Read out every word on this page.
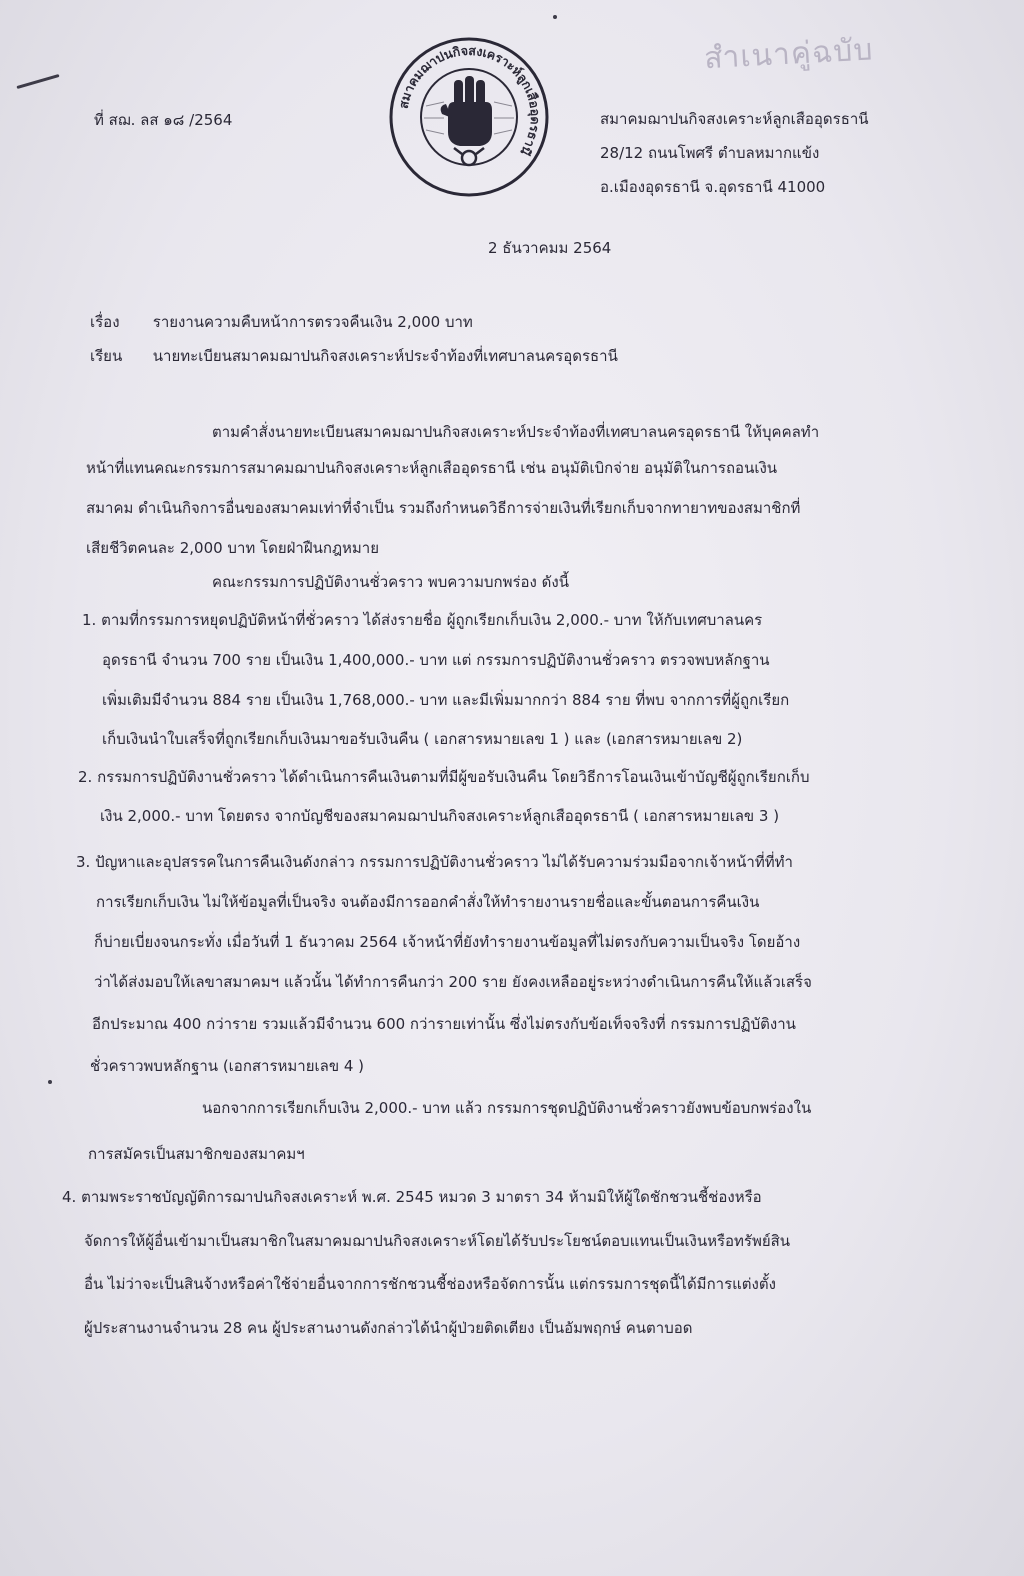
สำเนาคู่ฉบับ
ที่ สฌ. ลส ๑๘ /2564
สมาคมฌาปนกิจสงเคราะห์ลูกเสืออุดรธานี
สมาคมฌาปนกิจสงเคราะห์ลูกเสืออุดรธานี
28/12 ถนนโพศรี ตำบลหมากแข้ง
อ.เมืองอุดรธานี จ.อุดรธานี 41000
2 ธันวาคมม 2564
เรื่อง รายงานความคืบหน้าการตรวจคืนเงิน 2,000 บาท
เรียน นายทะเบียนสมาคมฌาปนกิจสงเคราะห์ประจำท้องที่เทศบาลนครอุดรธานี
ตามคำสั่งนายทะเบียนสมาคมฌาปนกิจสงเคราะห์ประจำท้องที่เทศบาลนครอุดรธานี ให้บุคคลทำ
หน้าที่แทนคณะกรรมการสมาคมฌาปนกิจสงเคราะห์ลูกเสืออุดรธานี เช่น อนุมัติเบิกจ่าย อนุมัติในการถอนเงิน
สมาคม ดำเนินกิจการอื่นของสมาคมเท่าที่จำเป็น รวมถึงกำหนดวิธีการจ่ายเงินที่เรียกเก็บจากทายาทของสมาชิกที่
เสียชีวิตคนละ 2,000 บาท โดยฝ่าฝืนกฎหมาย
คณะกรรมการปฏิบัติงานชั่วคราว พบความบกพร่อง ดังนี้
1. ตามที่กรรมการหยุดปฏิบัติหน้าที่ชั่วคราว ได้ส่งรายชื่อ ผู้ถูกเรียกเก็บเงิน 2,000.- บาท ให้กับเทศบาลนคร
อุดรธานี จำนวน 700 ราย เป็นเงิน 1,400,000.- บาท แต่ กรรมการปฏิบัติงานชั่วคราว ตรวจพบหลักฐาน
เพิ่มเติมมีจำนวน 884 ราย เป็นเงิน 1,768,000.- บาท และมีเพิ่มมากกว่า 884 ราย ที่พบ จากการที่ผู้ถูกเรียก
เก็บเงินนำใบเสร็จที่ถูกเรียกเก็บเงินมาขอรับเงินคืน ( เอกสารหมายเลข 1 ) และ (เอกสารหมายเลข 2)
2. กรรมการปฏิบัติงานชั่วคราว ได้ดำเนินการคืนเงินตามที่มีผู้ขอรับเงินคืน โดยวิธีการโอนเงินเข้าบัญชีผู้ถูกเรียกเก็บ
เงิน 2,000.- บาท โดยตรง จากบัญชีของสมาคมฌาปนกิจสงเคราะห์ลูกเสืออุดรธานี ( เอกสารหมายเลข 3 )
3. ปัญหาและอุปสรรคในการคืนเงินดังกล่าว กรรมการปฏิบัติงานชั่วคราว ไม่ได้รับความร่วมมือจากเจ้าหน้าที่ที่ทำ
การเรียกเก็บเงิน ไม่ให้ข้อมูลที่เป็นจริง จนต้องมีการออกคำสั่งให้ทำรายงานรายชื่อและขั้นตอนการคืนเงิน
ก็บ่ายเบี่ยงจนกระทั่ง เมื่อวันที่ 1 ธันวาคม 2564 เจ้าหน้าที่ยังทำรายงานข้อมูลที่ไม่ตรงกับความเป็นจริง โดยอ้าง
ว่าได้ส่งมอบให้เลขาสมาคมฯ แล้วนั้น ได้ทำการคืนกว่า 200 ราย ยังคงเหลืออยู่ระหว่างดำเนินการคืนให้แล้วเสร็จ
อีกประมาณ 400 กว่าราย รวมแล้วมีจำนวน 600 กว่ารายเท่านั้น ซึ่งไม่ตรงกับข้อเท็จจริงที่ กรรมการปฏิบัติงาน
ชั่วคราวพบหลักฐาน (เอกสารหมายเลข 4 )
นอกจากการเรียกเก็บเงิน 2,000.- บาท แล้ว กรรมการชุดปฏิบัติงานชั่วคราวยังพบข้อบกพร่องใน
การสมัครเป็นสมาชิกของสมาคมฯ
4. ตามพระราชบัญญัติการฌาปนกิจสงเคราะห์ พ.ศ. 2545 หมวด 3 มาตรา 34 ห้ามมิให้ผู้ใดชักชวนชี้ช่องหรือ
จัดการให้ผู้อื่นเข้ามาเป็นสมาชิกในสมาคมฌาปนกิจสงเคราะห์โดยได้รับประโยชน์ตอบแทนเป็นเงินหรือทรัพย์สิน
อื่น ไม่ว่าจะเป็นสินจ้างหรือค่าใช้จ่ายอื่นจากการชักชวนชี้ช่องหรือจัดการนั้น แต่กรรมการชุดนี้ได้มีการแต่งตั้ง
ผู้ประสานงานจำนวน 28 คน ผู้ประสานงานดังกล่าวได้นำผู้ป่วยติดเตียง เป็นอัมพฤกษ์ คนตาบอด
